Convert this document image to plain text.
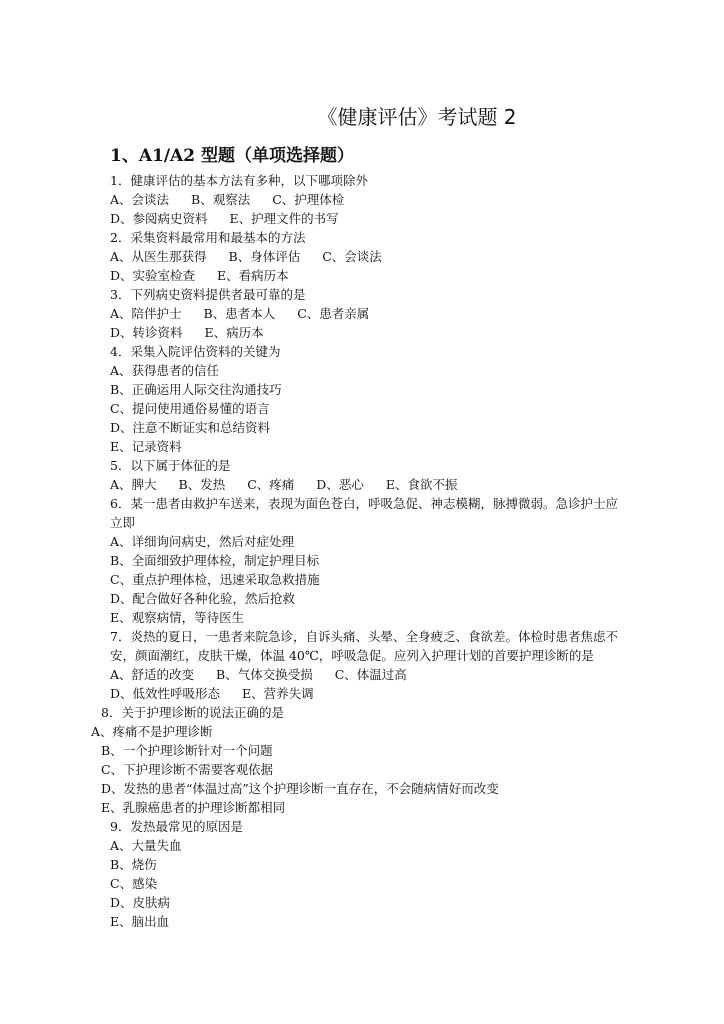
《健康评估》考试题 2
1、A1/A2 型题（单项选择题）
1．健康评估的基本方法有多种，以下哪项除外
A、会谈法 B、观察法 C、护理体检
D、参阅病史资料 E、护理文件的书写
2．采集资料最常用和最基本的方法
A、从医生那获得 B、身体评估 C、会谈法
D、实验室检查 E、看病历本
3．下列病史资料提供者最可靠的是
A、陪伴护士 B、患者本人 C、患者亲属
D、转诊资料 E、病历本
4．采集入院评估资料的关键为
A、获得患者的信任
B、正确运用人际交往沟通技巧
C、提问使用通俗易懂的语言
D、注意不断证实和总结资料
E、记录资料
5．以下属于体征的是
A、脾大 B、发热 C、疼痛 D、恶心 E、食欲不振
6．某一患者由救护车送来，表现为面色苍白，呼吸急促、神志模糊，脉搏微弱。急诊护士应立即
A、详细询问病史，然后对症处理
B、全面细致护理体检，制定护理目标
C、重点护理体检，迅速采取急救措施
D、配合做好各种化验，然后抢救
E、观察病情，等待医生
7．炎热的夏日，一患者来院急诊，自诉头痛、头晕、全身疲乏、食欲差。体检时患者焦虑不安，颜面潮红，皮肤干燥，体温 40℃，呼吸急促。应列入护理计划的首要护理诊断的是
A、舒适的改变 B、气体交换受损 C、体温过高
D、低效性呼吸形态 E、营养失调
8．关于护理诊断的说法正确的是
A、疼痛不是护理诊断
B、一个护理诊断针对一个问题
C、下护理诊断不需要客观依据
D、发热的患者“体温过高”这个护理诊断一直存在，不会随病情好而改变
E、乳腺癌患者的护理诊断都相同
9．发热最常见的原因是
A、大量失血
B、烧伤
C、感染
D、皮肤病
E、脑出血
